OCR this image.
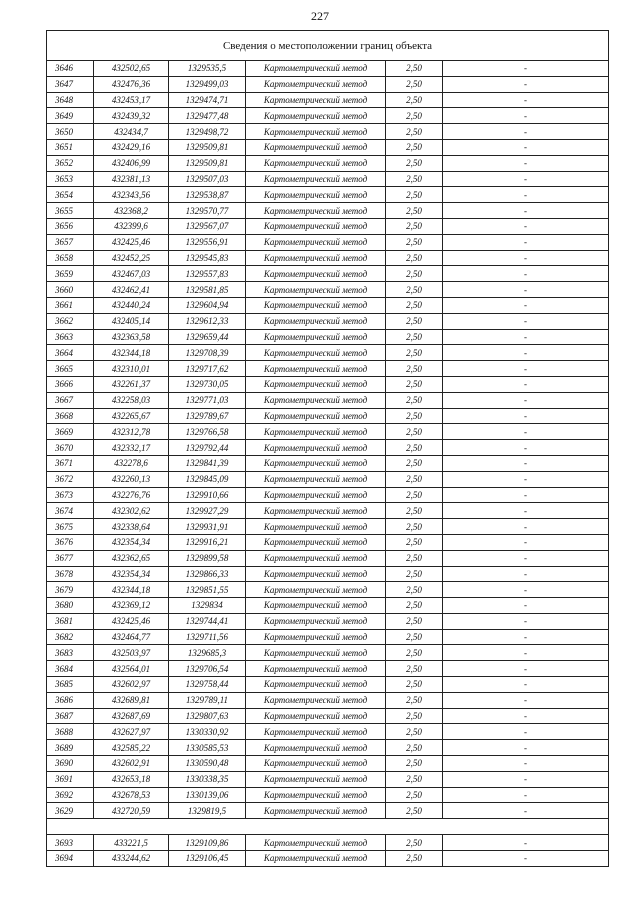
227
Сведения о местоположении границ объекта					
3646	432502,65	1329535,5	Картометрический метод	2,50	-
3647	432476,36	1329499,03	Картометрический метод	2,50	-
3648	432453,17	1329474,71	Картометрический метод	2,50	-
3649	432439,32	1329477,48	Картометрический метод	2,50	-
3650	432434,7	1329498,72	Картометрический метод	2,50	-
3651	432429,16	1329509,81	Картометрический метод	2,50	-
3652	432406,99	1329509,81	Картометрический метод	2,50	-
3653	432381,13	1329507,03	Картометрический метод	2,50	-
3654	432343,56	1329538,87	Картометрический метод	2,50	-
3655	432368,2	1329570,77	Картометрический метод	2,50	-
3656	432399,6	1329567,07	Картометрический метод	2,50	-
3657	432425,46	1329556,91	Картометрический метод	2,50	-
3658	432452,25	1329545,83	Картометрический метод	2,50	-
3659	432467,03	1329557,83	Картометрический метод	2,50	-
3660	432462,41	1329581,85	Картометрический метод	2,50	-
3661	432440,24	1329604,94	Картометрический метод	2,50	-
3662	432405,14	1329612,33	Картометрический метод	2,50	-
3663	432363,58	1329659,44	Картометрический метод	2,50	-
3664	432344,18	1329708,39	Картометрический метод	2,50	-
3665	432310,01	1329717,62	Картометрический метод	2,50	-
3666	432261,37	1329730,05	Картометрический метод	2,50	-
3667	432258,03	1329771,03	Картометрический метод	2,50	-
3668	432265,67	1329789,67	Картометрический метод	2,50	-
3669	432312,78	1329766,58	Картометрический метод	2,50	-
3670	432332,17	1329792,44	Картометрический метод	2,50	-
3671	432278,6	1329841,39	Картометрический метод	2,50	-
3672	432260,13	1329845,09	Картометрический метод	2,50	-
3673	432276,76	1329910,66	Картометрический метод	2,50	-
3674	432302,62	1329927,29	Картометрический метод	2,50	-
3675	432338,64	1329931,91	Картометрический метод	2,50	-
3676	432354,34	1329916,21	Картометрический метод	2,50	-
3677	432362,65	1329899,58	Картометрический метод	2,50	-
3678	432354,34	1329866,33	Картометрический метод	2,50	-
3679	432344,18	1329851,55	Картометрический метод	2,50	-
3680	432369,12	1329834	Картометрический метод	2,50	-
3681	432425,46	1329744,41	Картометрический метод	2,50	-
3682	432464,77	1329711,56	Картометрический метод	2,50	-
3683	432503,97	1329685,3	Картометрический метод	2,50	-
3684	432564,01	1329706,54	Картометрический метод	2,50	-
3685	432602,97	1329758,44	Картометрический метод	2,50	-
3686	432689,81	1329789,11	Картометрический метод	2,50	-
3687	432687,69	1329807,63	Картометрический метод	2,50	-
3688	432627,97	1330330,92	Картометрический метод	2,50	-
3689	432585,22	1330585,53	Картометрический метод	2,50	-
3690	432602,91	1330590,48	Картометрический метод	2,50	-
3691	432653,18	1330338,35	Картометрический метод	2,50	-
3692	432678,53	1330139,06	Картометрический метод	2,50	-
3629	432720,59	1329819,5	Картометрический метод	2,50	-

3693	433221,5	1329109,86	Картометрический метод	2,50	-
3694	433244,62	1329106,45	Картометрический метод	2,50	-
